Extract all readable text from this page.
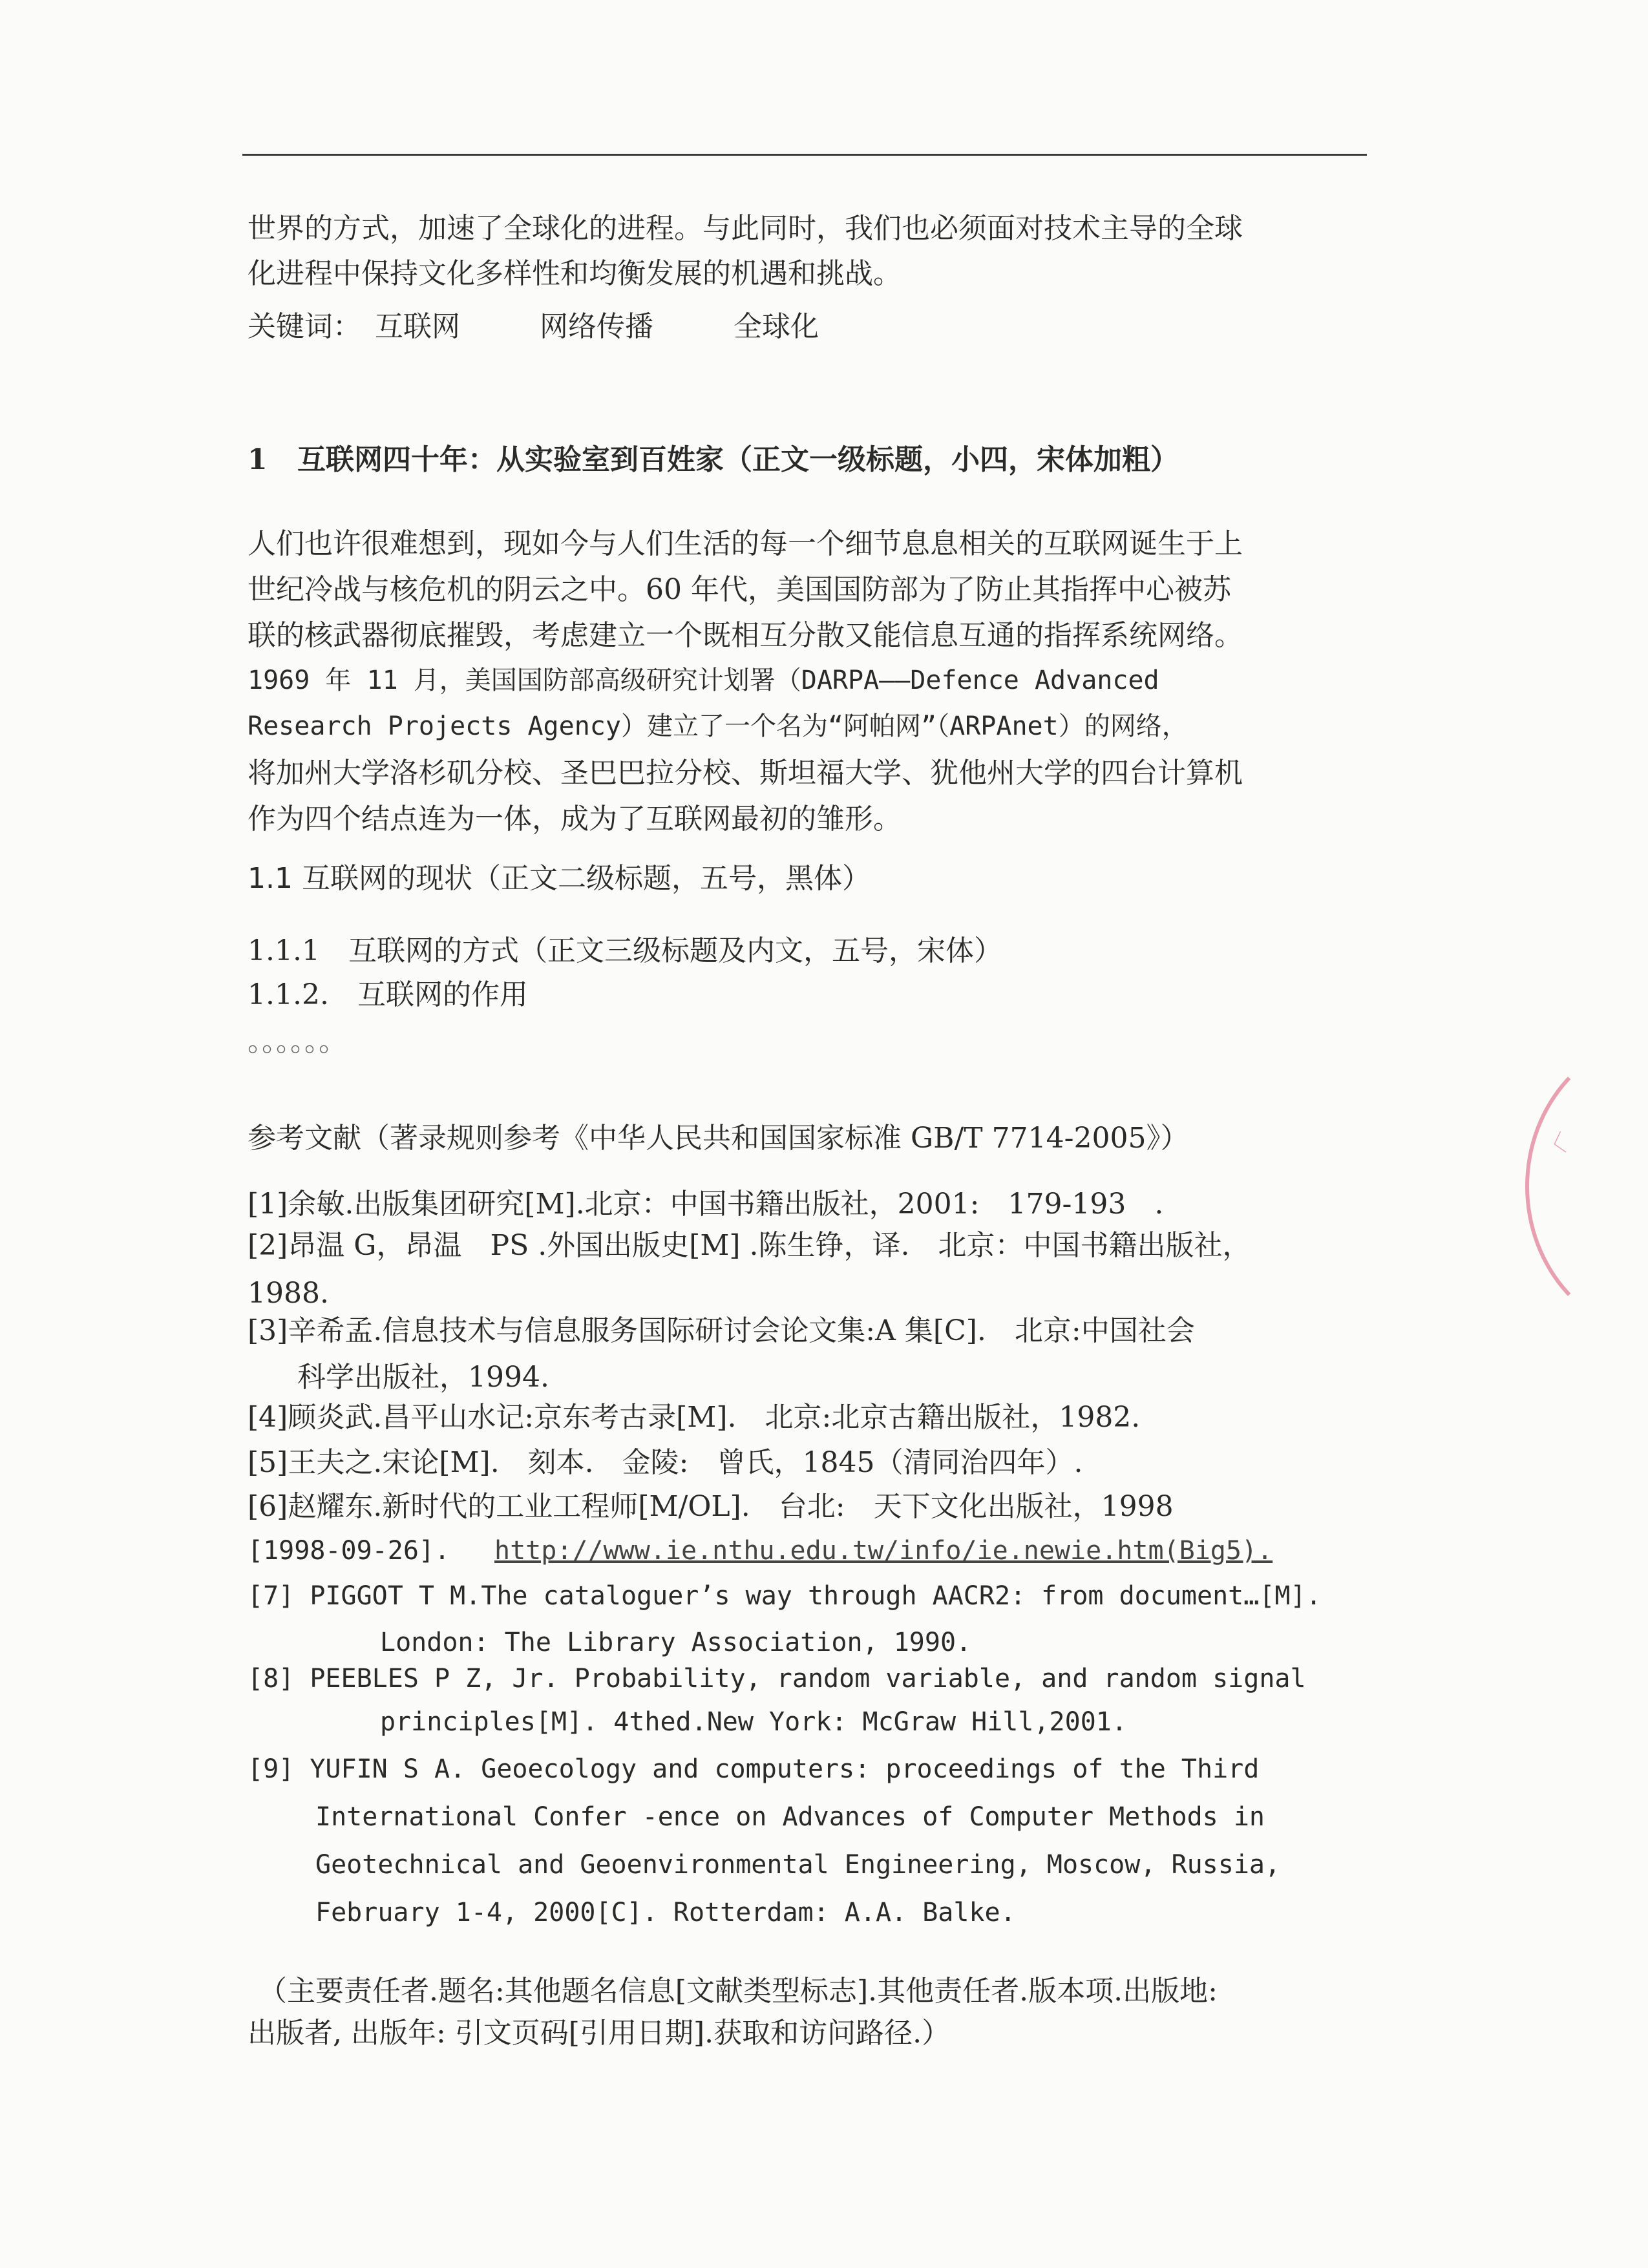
世界的方式，加速了全球化的进程。与此同时，我们也必须面对技术主导的全球
化进程中保持文化多样性和均衡发展的机遇和挑战。
关键词： 互联网	网络传播	全球化
1 互联网四十年：从实验室到百姓家（正文一级标题，小四，宋体加粗）
人们也许很难想到，现如今与人们生活的每一个细节息息相关的互联网诞生于上
世纪冷战与核危机的阴云之中。60 年代，美国国防部为了防止其指挥中心被苏
联的核武器彻底摧毁，考虑建立一个既相互分散又能信息互通的指挥系统网络。
1969 年 11 月，美国国防部高级研究计划署（DARPA——Defence Advanced
Research Projects Agency）建立了一个名为“阿帕网”（ARPAnet）的网络，
将加州大学洛杉矶分校、圣巴巴拉分校、斯坦福大学、犹他州大学的四台计算机
作为四个结点连为一体，成为了互联网最初的雏形。
1.1 互联网的现状（正文二级标题，五号，黑体）
1.1.1　互联网的方式（正文三级标题及内文，五号，宋体）
1.1.2.　互联网的作用
。。。。。。
参考文献（著录规则参考《中华人民共和国国家标准 GB/T 7714-2005》）
[1]余敏.出版集团研究[M].北京：中国书籍出版社，2001:　179-193　.
[2]昂温 G，昂温　PS .外国出版史[M] .陈生铮，译.　北京：中国书籍出版社，
1988.
[3]辛希孟.信息技术与信息服务国际研讨会论文集:A 集[C].　北京:中国社会
科学出版社，1994.
[4]顾炎武.昌平山水记:京东考古录[M].　北京:北京古籍出版社，1982.
[5]王夫之.宋论[M].　刻本.　金陵:　曾氏，1845（清同治四年）.
[6]赵耀东.新时代的工业工程师[M/OL].　台北:　天下文化出版社，1998
[1998-09-26]. http://www.ie.nthu.edu.tw/info/ie.newie.htm(Big5).
[7] PIGGOT T M.The cataloguer’s way through AACR2: from document…[M].
London: The Library Association, 1990.
[8] PEEBLES P Z, Jr. Probability, random variable, and random signal
principles[M]. 4thed.New York: McGraw Hill,2001.
[9] YUFIN S A. Geoecology and computers: proceedings of the Third
International Confer -ence on Advances of Computer Methods in
Geotechnical and Geoenvironmental Engineering, Moscow, Russia,
February 1-4, 2000[C]. Rotterdam: A.A. Balke.
（主要责任者.题名:其他题名信息[文献类型标志].其他责任者.版本项.出版地:
出版者, 出版年: 引文页码[引用日期].获取和访问路径.）
〈
